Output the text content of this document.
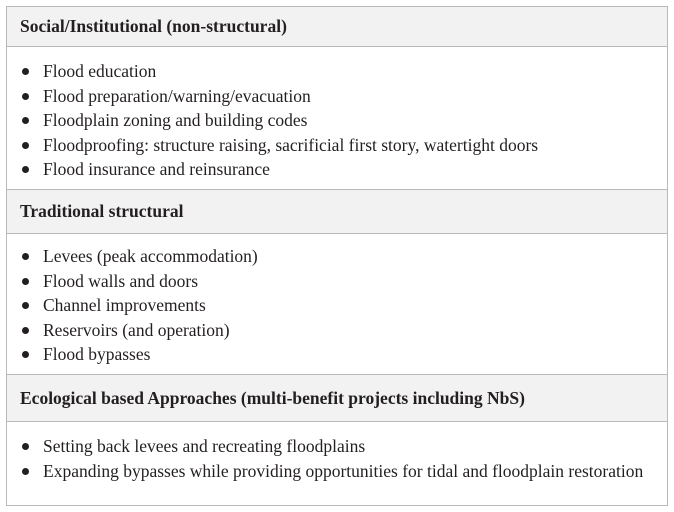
Social/Institutional (non-structural)
Flood education
Flood preparation/warning/evacuation
Floodplain zoning and building codes
Floodproofing: structure raising, sacrificial first story, watertight doors
Flood insurance and reinsurance
Traditional structural
Levees (peak accommodation)
Flood walls and doors
Channel improvements
Reservoirs (and operation)
Flood bypasses
Ecological based Approaches (multi-benefit projects including NbS)
Setting back levees and recreating floodplains
Expanding bypasses while providing opportunities for tidal and floodplain restoration
